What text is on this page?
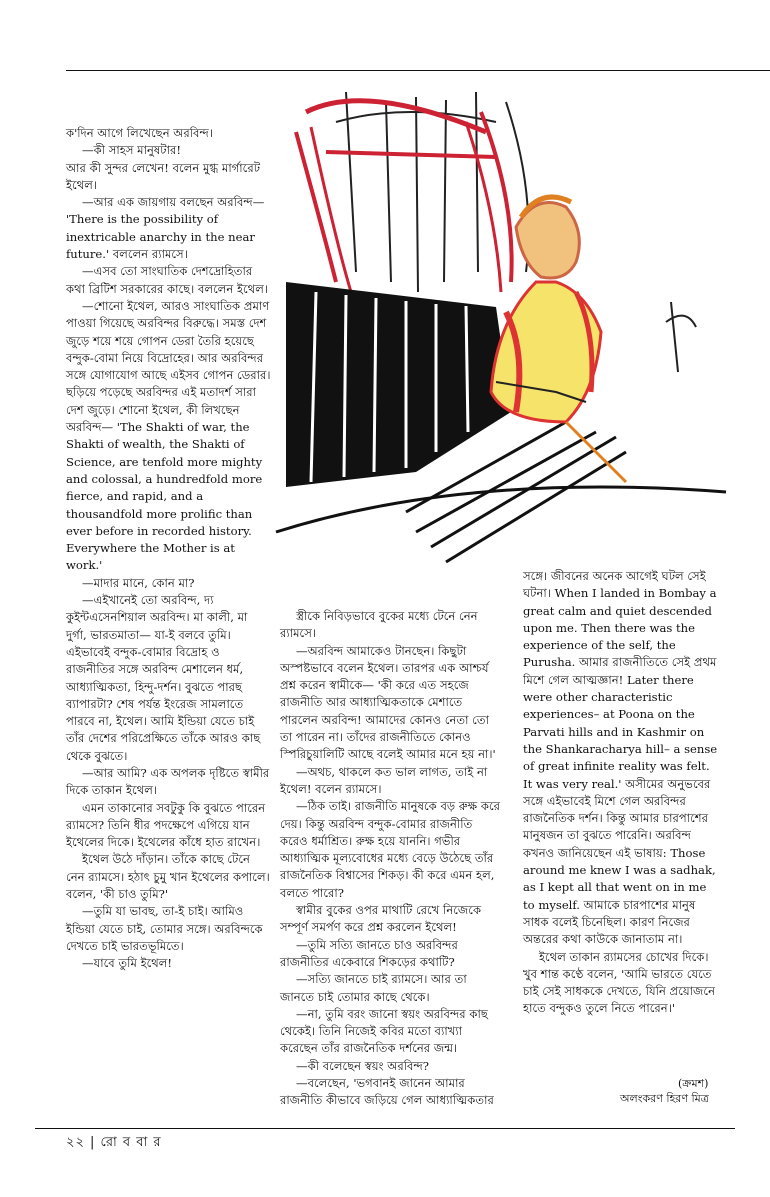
ক'দিন আগে লিখেছেন অরবিন্দ।

—কী সাহস মানুষটার!

আর কী সুন্দর লেখেন! বলেন মুগ্ধ মার্গারেট ইথেল।

—আর এক জায়গায় বলছেন অরবিন্দ— 'There is the possibility of inextricable anarchy in the near future.' বললেন র‍্যামসে।

—এসব তো সাংঘাতিক দেশদ্রোহিতার কথা ব্রিটিশ সরকারের কাছে। বললেন ইথেল।

—শোনো ইথেল, আরও সাংঘাতিক প্রমাণ পাওয়া গিয়েছে অরবিন্দর বিরুদ্ধে। সমস্ত দেশ জুড়ে শয়ে শয়ে গোপন ডেরা তৈরি হয়েছে বন্দুক-বোমা নিয়ে বিদ্রোহের। আর অরবিন্দর সঙ্গে যোগাযোগ আছে এইসব গোপন ডেরার। ছড়িয়ে পড়েছে অরবিন্দর এই মতাদর্শ সারা দেশ জুড়ে। শোনো ইথেল, কী লিখছেন অরবিন্দ— 'The Shakti of war, the Shakti of wealth, the Shakti of Science, are tenfold more mighty and colossal, a hundredfold more fierce, and rapid, and a thousandfold more prolific than ever before in recorded history. Everywhere the Mother is at work.'

—মাদার মানে, কোন মা?

—এইখানেই তো অরবিন্দ, দ্য কুইন্টএসেনশিয়াল অরবিন্দ। মা কালী, মা দুর্গা, ভারতমাতা— যা-ই বলবে তুমি। এইভাবেই বন্দুক-বোমার বিদ্রোহ ও রাজনীতির সঙ্গে অরবিন্দ মেশালেন ধর্ম, আধ্যাত্মিকতা, হিন্দু-দর্শন। বুঝতে পারছ ব্যাপারটা? শেষ পর্যন্ত ইংরেজ সামলাতে পারবে না, ইথেল। আমি ইন্ডিয়া যেতে চাই তাঁর দেশের পরিপ্রেক্ষিতে তাঁকে আরও কাছ থেকে বুঝতে।

—আর আমি? এক অপলক দৃষ্টিতে স্বামীর দিকে তাকান ইথেল।

এমন তাকানোর সবটুকু কি বুঝতে পারেন র‍্যামসে? তিনি ধীর পদক্ষেপে এগিয়ে যান ইথেলের দিকে। ইথেলের কাঁধে হাত রাখেন।

ইথেল উঠে দাঁড়ান। তাঁকে কাছে টেনে নেন র‍্যামসে। হঠাৎ চুমু খান ইথেলের কপালে। বলেন, 'কী চাও তুমি?'

—তুমি যা ভাবছ, তা-ই চাই। আমিও ইন্ডিয়া যেতে চাই, তোমার সঙ্গে। অরবিন্দকে দেখতে চাই ভারতভূমিতে।

—যাবে তুমি ইথেল!

স্ত্রীকে নিবিড়ভাবে বুকের মধ্যে টেনে নেন র‍্যামসে।

—অরবিন্দ আমাকেও টানছেন। কিছুটা অস্পষ্টভাবে বলেন ইথেল। তারপর এক আশ্চর্য প্রশ্ন করেন স্বামীকে— 'কী করে এত সহজে রাজনীতি আর আধ্যাত্মিকতাকে মেশাতে পারলেন অরবিন্দ! আমাদের কোনও নেতা তো তা পারেন না। তাঁদের রাজনীতিতে কোনও স্পিরিচুয়ালিটি আছে বলেই আমার মনে হয় না।'

—অথচ, থাকলে কত ভাল লাগত, তাই না ইথেল! বলেন র‍্যামসে।

—ঠিক তাই। রাজনীতি মানুষকে বড় রুক্ষ করে দেয়। কিন্তু অরবিন্দ বন্দুক-বোমার রাজনীতি করেও ধর্মাশ্রিত। রুক্ষ হয়ে যাননি। গভীর আধ্যাত্মিক মূল্যবোধের মধ্যে বেড়ে উঠেছে তাঁর রাজনৈতিক বিশ্বাসের শিকড়। কী করে এমন হল, বলতে পারো?

স্বামীর বুকের ওপর মাথাটি রেখে নিজেকে সম্পূর্ণ সমর্পণ করে প্রশ্ন করলেন ইথেল!

—তুমি সত্যি জানতে চাও অরবিন্দর রাজনীতির একেবারে শিকড়ের কথাটি?

—সত্যি জানতে চাই র‍্যামসে। আর তা জানতে চাই তোমার কাছে থেকে।

—না, তুমি বরং জানো স্বয়ং অরবিন্দর কাছ থেকেই। তিনি নিজেই কবির মতো ব্যাখ্যা করেছেন তাঁর রাজনৈতিক দর্শনের জন্ম।

—কী বলেছেন স্বয়ং অরবিন্দ?

—বলেছেন, 'ভগবানই জানেন আমার রাজনীতি কীভাবে জড়িয়ে গেল আধ্যাত্মিকতার

সঙ্গে। জীবনের অনেক আগেই ঘটল সেই ঘটনা। When I landed in Bombay a great calm and quiet descended upon me. Then there was the experience of the self, the Purusha. আমার রাজনীতিতে সেই প্রথম মিশে গেল আত্মজ্ঞান! Later there were other characteristic experiences– at Poona on the Parvati hills and in Kashmir on the Shankaracharya hill– a sense of great infinite reality was felt. It was very real.' অসীমের অনুভবের সঙ্গে এইভাবেই মিশে গেল অরবিন্দর রাজনৈতিক দর্শন। কিন্তু আমার চারপাশের মানুষজন তা বুঝতে পারেনি। অরবিন্দ কখনও জানিয়েছেন এই ভাষায়: Those around me knew I was a sadhak, as I kept all that went on in me to myself. আমাকে চারপাশের মানুষ সাধক বলেই চিনেছিল। কারণ নিজের অন্তরের কথা কাউকে জানাতাম না।

ইথেল তাকান র‍্যামসের চোখের দিকে। খুব শান্ত কণ্ঠে বলেন, 'আমি ভারতে যেতে চাই সেই সাধককে দেখতে, যিনি প্রয়োজনে হাতে বন্দুকও তুলে নিতে পারেন।'

(ক্রমশ)
অলংকরণ হিরণ মিত্র
২২ | রো ব বা র
